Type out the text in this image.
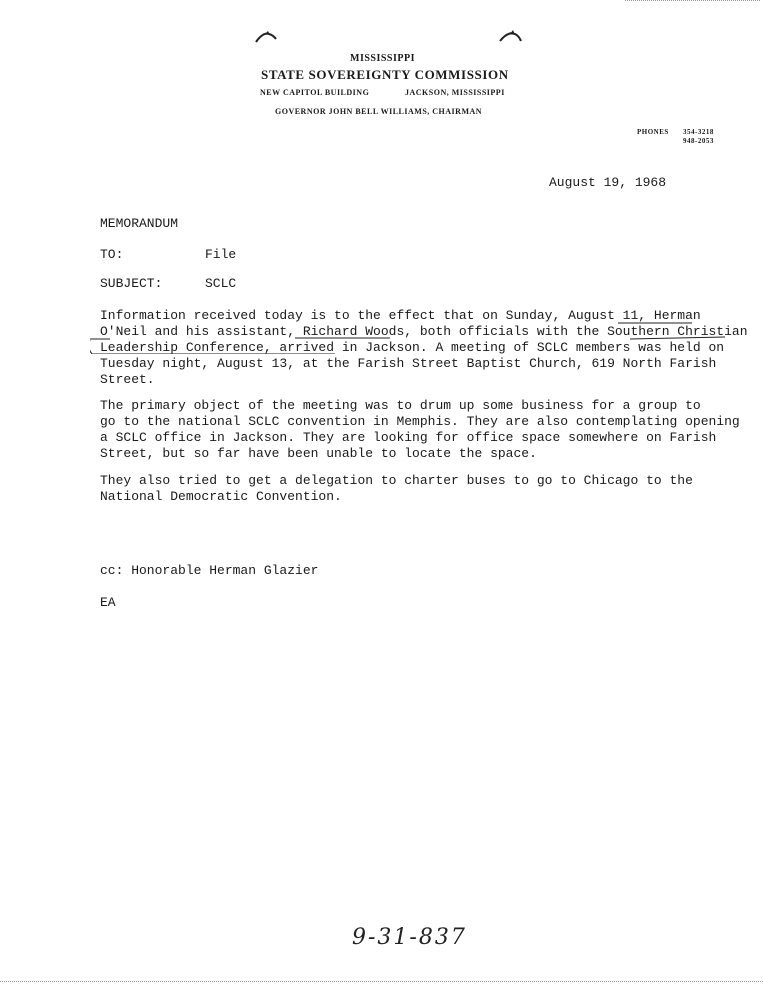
MISSISSIPPI
STATE SOVEREIGNTY COMMISSION
NEW CAPITOL BUILDING	JACKSON, MISSISSIPPI
GOVERNOR JOHN BELL WILLIAMS, CHAIRMAN
PHONES 354-3218
948-2053
August 19, 1968
MEMORANDUM
TO:	File
SUBJECT:	SCLC
Information received today is to the effect that on Sunday, August 11, Herman
O'Neil and his assistant, Richard Woods, both officials with the Southern Christian
Leadership Conference, arrived in Jackson. A meeting of SCLC members was held on
Tuesday night, August 13, at the Farish Street Baptist Church, 619 North Farish
Street.
The primary object of the meeting was to drum up some business for a group to
go to the national SCLC convention in Memphis. They are also contemplating opening
a SCLC office in Jackson. They are looking for office space somewhere on Farish
Street, but so far have been unable to locate the space.
They also tried to get a delegation to charter buses to go to Chicago to the
National Democratic Convention.
cc: Honorable Herman Glazier
EA
9-31-837
